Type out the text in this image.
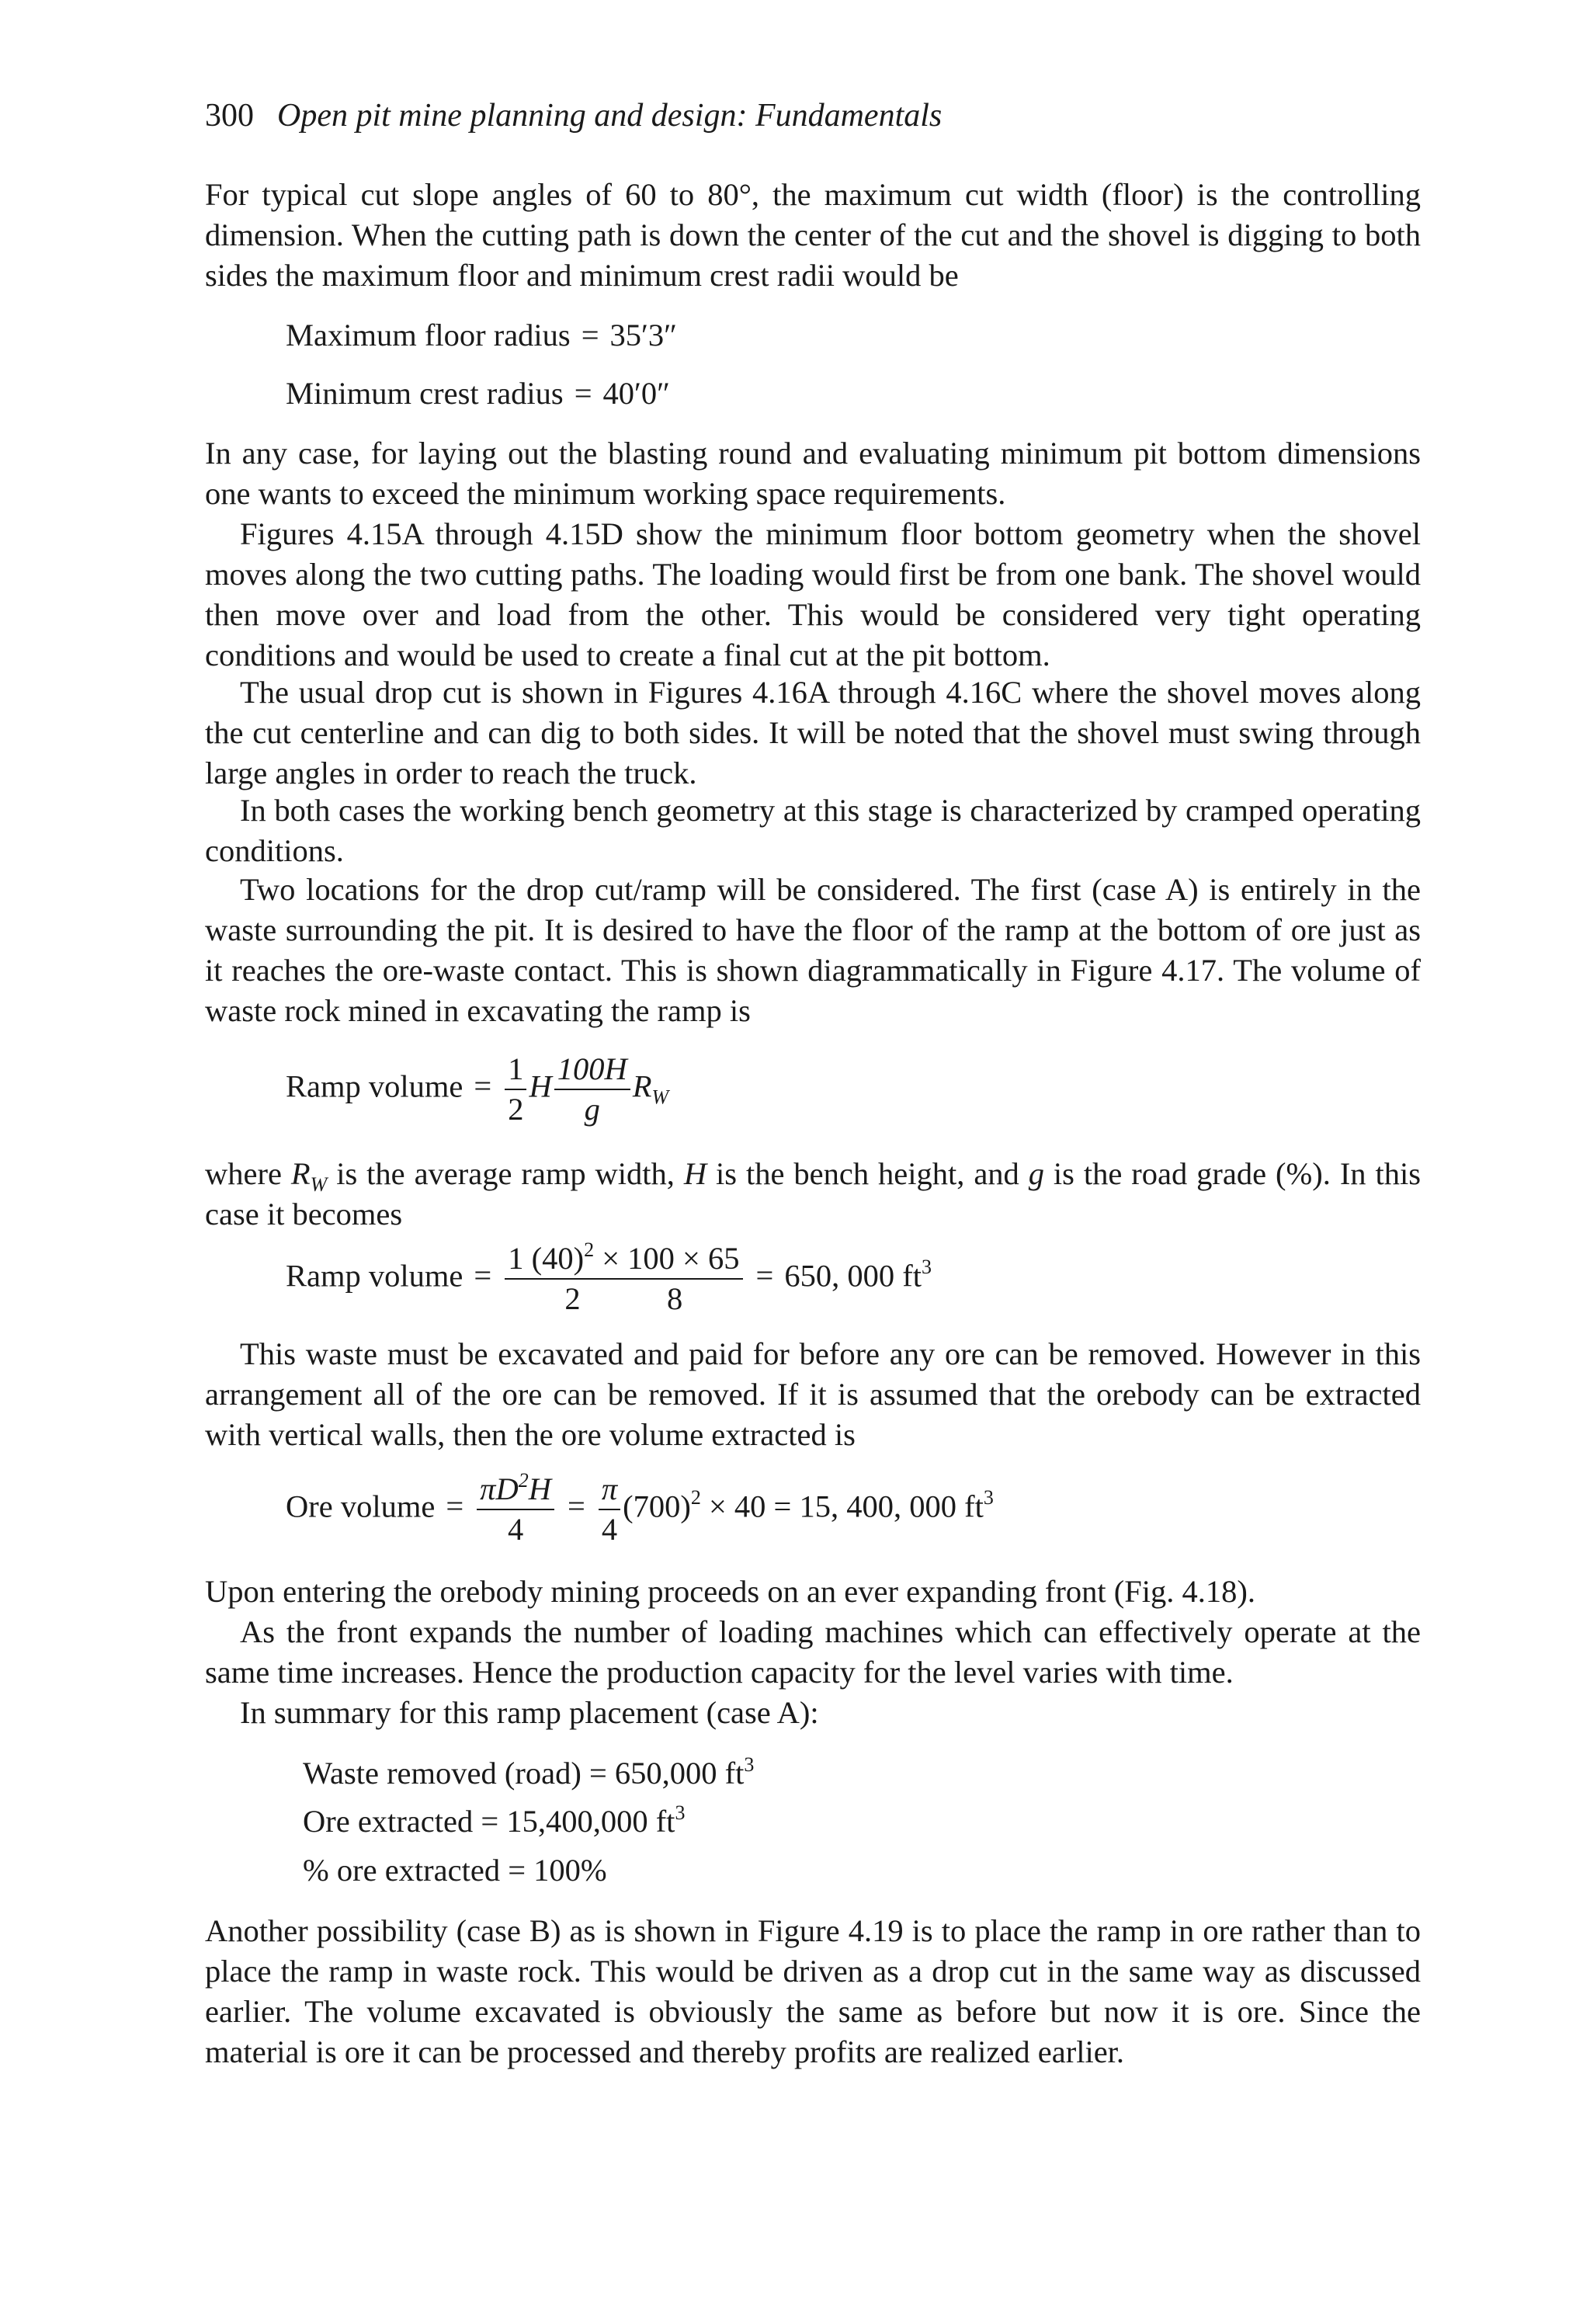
300 Open pit mine planning and design: Fundamentals

For typical cut slope angles of 60 to 80°, the maximum cut width (floor) is the controlling dimension. When the cutting path is down the center of the cut and the shovel is digging to both sides the maximum floor and minimum crest radii would be

Maximum floor radius = 35′3″
Minimum crest radius = 40′0″

In any case, for laying out the blasting round and evaluating minimum pit bottom dimensions one wants to exceed the minimum working space requirements.

Figures 4.15A through 4.15D show the minimum floor bottom geometry when the shovel moves along the two cutting paths. The loading would first be from one bank. The shovel would then move over and load from the other. This would be considered very tight operating conditions and would be used to create a final cut at the pit bottom.

The usual drop cut is shown in Figures 4.16A through 4.16C where the shovel moves along the cut centerline and can dig to both sides. It will be noted that the shovel must swing through large angles in order to reach the truck.

In both cases the working bench geometry at this stage is characterized by cramped operating conditions.

Two locations for the drop cut/ramp will be considered. The first (case A) is entirely in the waste surrounding the pit. It is desired to have the floor of the ramp at the bottom of ore just as it reaches the ore-waste contact. This is shown diagrammatically in Figure 4.17. The volume of waste rock mined in excavating the ramp is

Ramp volume = $\frac{1}{2}$ H $\frac{100H}{g} R_W$

where $R_W$ is the average ramp width, H is the bench height, and g is the road grade (%). In this case it becomes

Ramp volume = 1 $(40)^2 \times 100 \times 65$
2	8 = 650, 000 $ft^3$

This waste must be excavated and paid for before any ore can be removed. However in this arrangement all of the ore can be removed. If it is assumed that the orebody can be extracted with vertical walls, then the ore volume extracted is

Ore volume = $\frac{\pi D^2H}{4} = \frac{\pi}{4} (700)^2 \times 40 = 15$, 400, 000 $ft^3$

Upon entering the orebody mining proceeds on an ever expanding front (Fig. 4.18).

As the front expands the number of loading machines which can effectively operate at the same time increases. Hence the production capacity for the level varies with time.

In summary for this ramp placement (case A):

Waste removed (road) = 650,000 $ft^3$
Ore extracted = 15,400,000 $ft^3$
% ore extracted = 100%

Another possibility (case B) as is shown in Figure 4.19 is to place the ramp in ore rather than to place the ramp in waste rock. This would be driven as a drop cut in the same way as discussed earlier. The volume excavated is obviously the same as before but now it is ore. Since the material is ore it can be processed and thereby profits are realized earlier.
